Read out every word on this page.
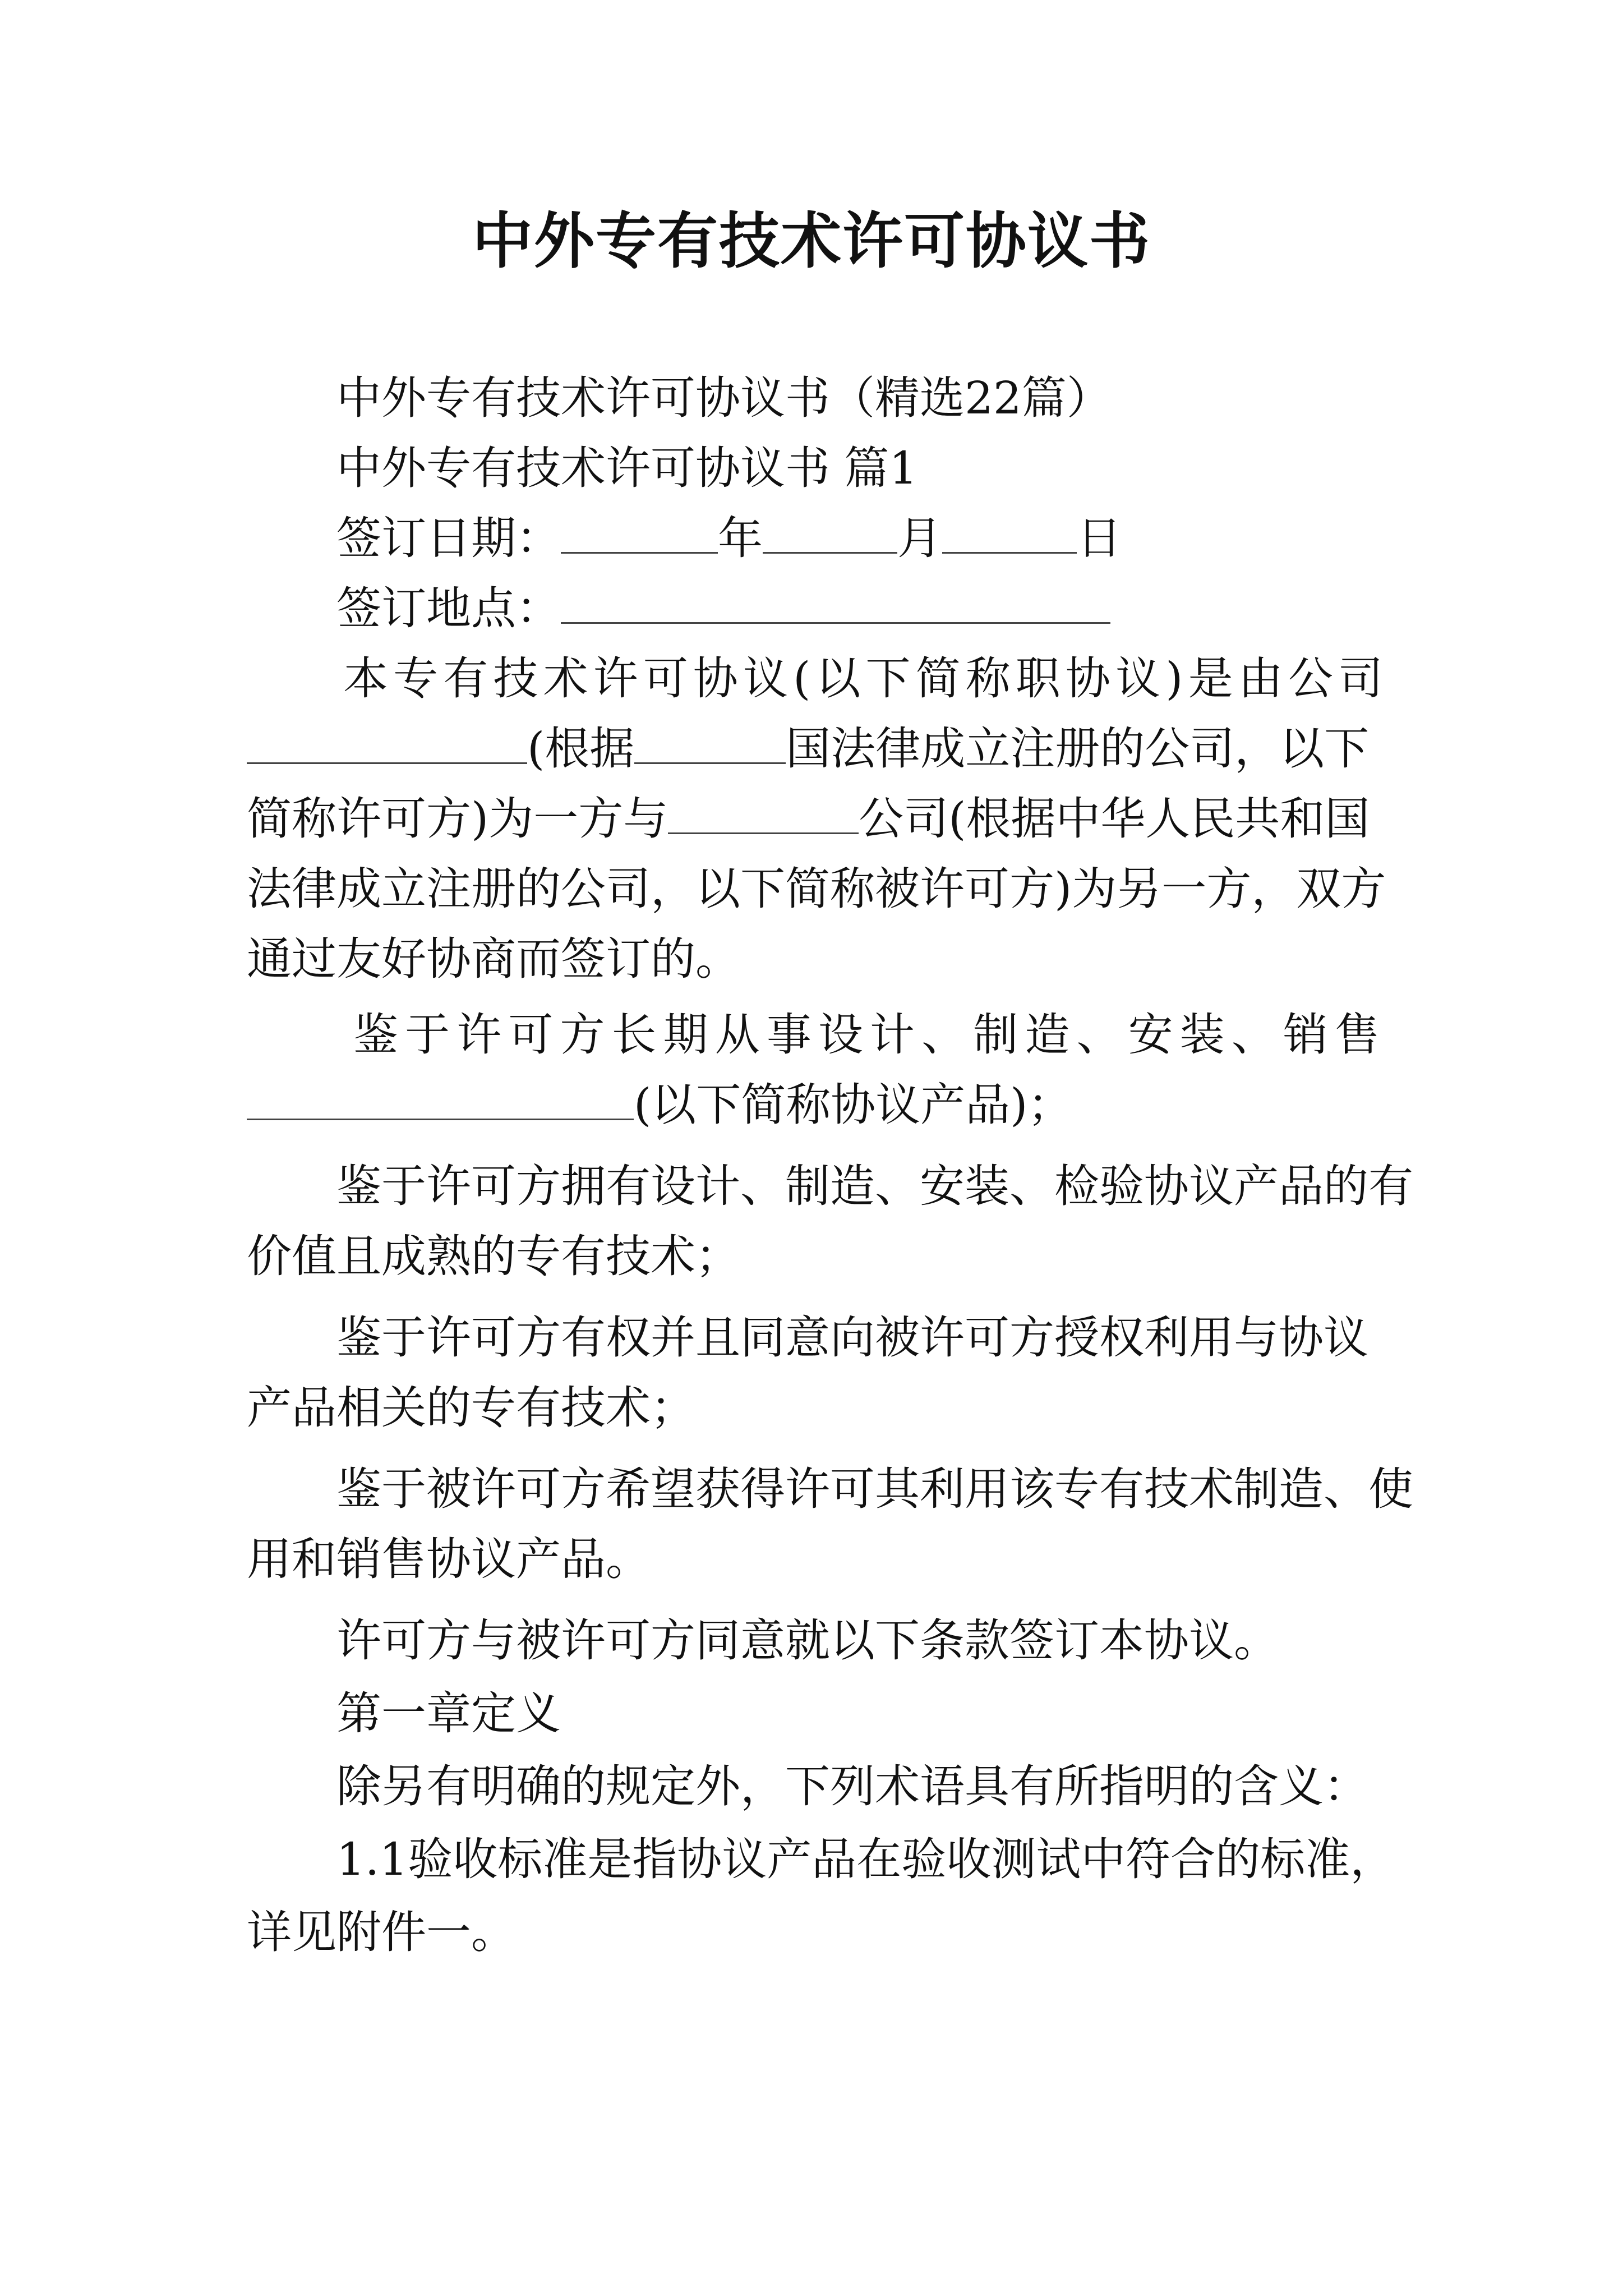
中外专有技术许可协议书
中外专有技术许可协议书（精选22篇）
中外专有技术许可协议书 篇1
签订日期：	年	月	日
签订地点：
本专有技术许可协议(以下简称职协议)是由公司
(根据	国法律成立注册的公司，以下
简称许可方)为一方与	公司(根据中华人民共和国
法律成立注册的公司，以下简称被许可方)为另一方，双方
通过友好协商而签订的。
鉴于许可方长期从事设计、制造、安装、销售
(以下简称协议产品)；
鉴于许可方拥有设计、制造、安装、检验协议产品的有
价值且成熟的专有技术；
鉴于许可方有权并且同意向被许可方授权利用与协议
产品相关的专有技术；
鉴于被许可方希望获得许可其利用该专有技术制造、使
用和销售协议产品。
许可方与被许可方同意就以下条款签订本协议。
第一章定义
除另有明确的规定外，下列术语具有所指明的含义：
1.1验收标准是指协议产品在验收测试中符合的标准，
详见附件一。
